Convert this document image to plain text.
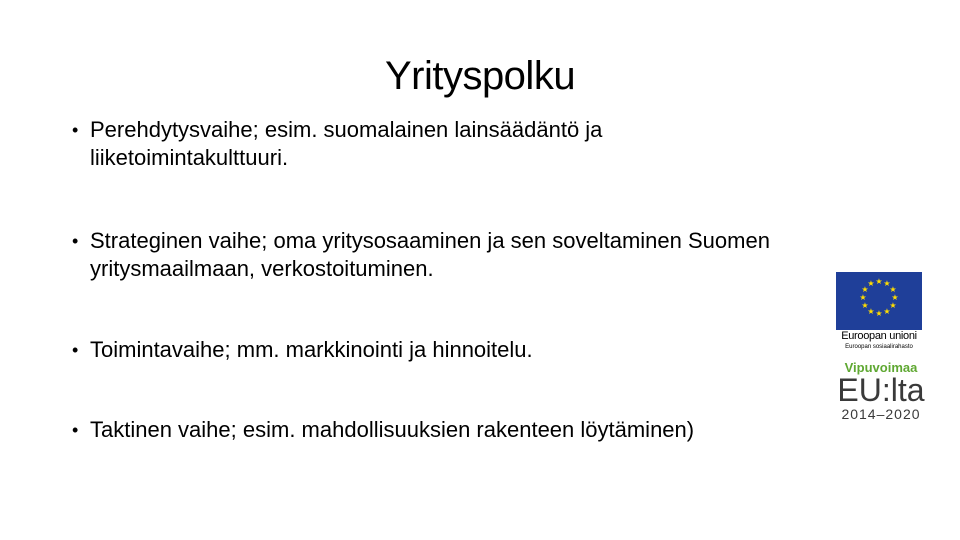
Yrityspolku
• Perehdytysvaihe; esim. suomalainen lainsäädäntö ja
liiketoimintakulttuuri.
• Strateginen vaihe; oma yritysosaaminen ja sen soveltaminen Suomen
yritysmaailmaan, verkostoituminen.
• Toimintavaihe; mm. markkinointi ja hinnoitelu.
• Taktinen vaihe; esim. mahdollisuuksien rakenteen löytäminen)
★ ★
★
★
★
★
★
★
★
★
★
★
Euroopan unioni
Euroopan sosiaalirahasto
Vipuvoimaa
EU:lta
2014–2020
